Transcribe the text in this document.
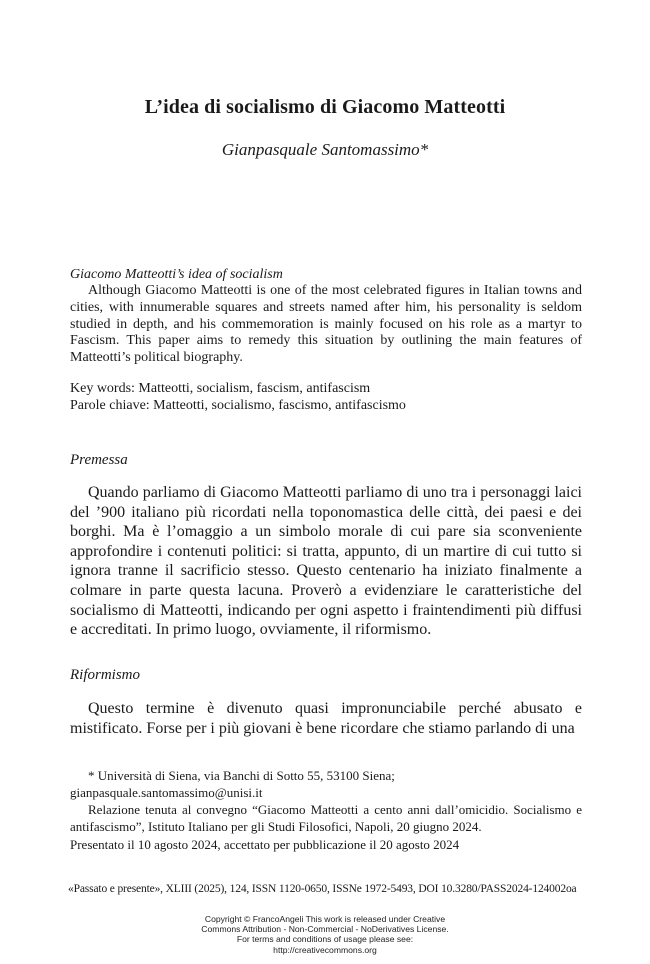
L’idea di socialismo di Giacomo Matteotti
Gianpasquale Santomassimo*
Giacomo Matteotti’s idea of socialism
Although Giacomo Matteotti is one of the most celebrated figures in Italian towns and cities, with innumerable squares and streets named after him, his personality is seldom studied in depth, and his commemoration is mainly focused on his role as a martyr to Fascism. This paper aims to remedy this situation by outlining the main features of Matteotti’s political biography.
Key words: Matteotti, socialism, fascism, antifascism
Parole chiave: Matteotti, socialismo, fascismo, antifascismo
Premessa
Quando parliamo di Giacomo Matteotti parliamo di uno tra i personaggi laici del ’900 italiano più ricordati nella toponomastica delle città, dei paesi e dei borghi. Ma è l’omaggio a un simbolo morale di cui pare sia sconveniente approfondire i contenuti politici: si tratta, appunto, di un martire di cui tutto si ignora tranne il sacrificio stesso. Questo centenario ha iniziato finalmente a colmare in parte questa lacuna. Proverò a evidenziare le caratteristiche del socialismo di Matteotti, indicando per ogni aspetto i fraintendimenti più diffusi e accreditati. In primo luogo, ovviamente, il riformismo.
Riformismo
Questo termine è divenuto quasi impronunciabile perché abusato e mistificato. Forse per i più giovani è bene ricordare che stiamo parlando di una
* Università di Siena, via Banchi di Sotto 55, 53100 Siena; gianpasquale.santomassimo@unisi.it
Relazione tenuta al convegno “Giacomo Matteotti a cento anni dall’omicidio. Socialismo e antifascismo”, Istituto Italiano per gli Studi Filosofici, Napoli, 20 giugno 2024.
Presentato il 10 agosto 2024, accettato per pubblicazione il 20 agosto 2024
«Passato e presente», XLIII (2025), 124, ISSN 1120-0650, ISSNe 1972-5493, DOI 10.3280/PASS2024-124002oa
Copyright © FrancoAngeli This work is released under Creative
Commons Attribution - Non-Commercial - NoDerivatives License.
For terms and conditions of usage please see:
http://creativecommons.org
